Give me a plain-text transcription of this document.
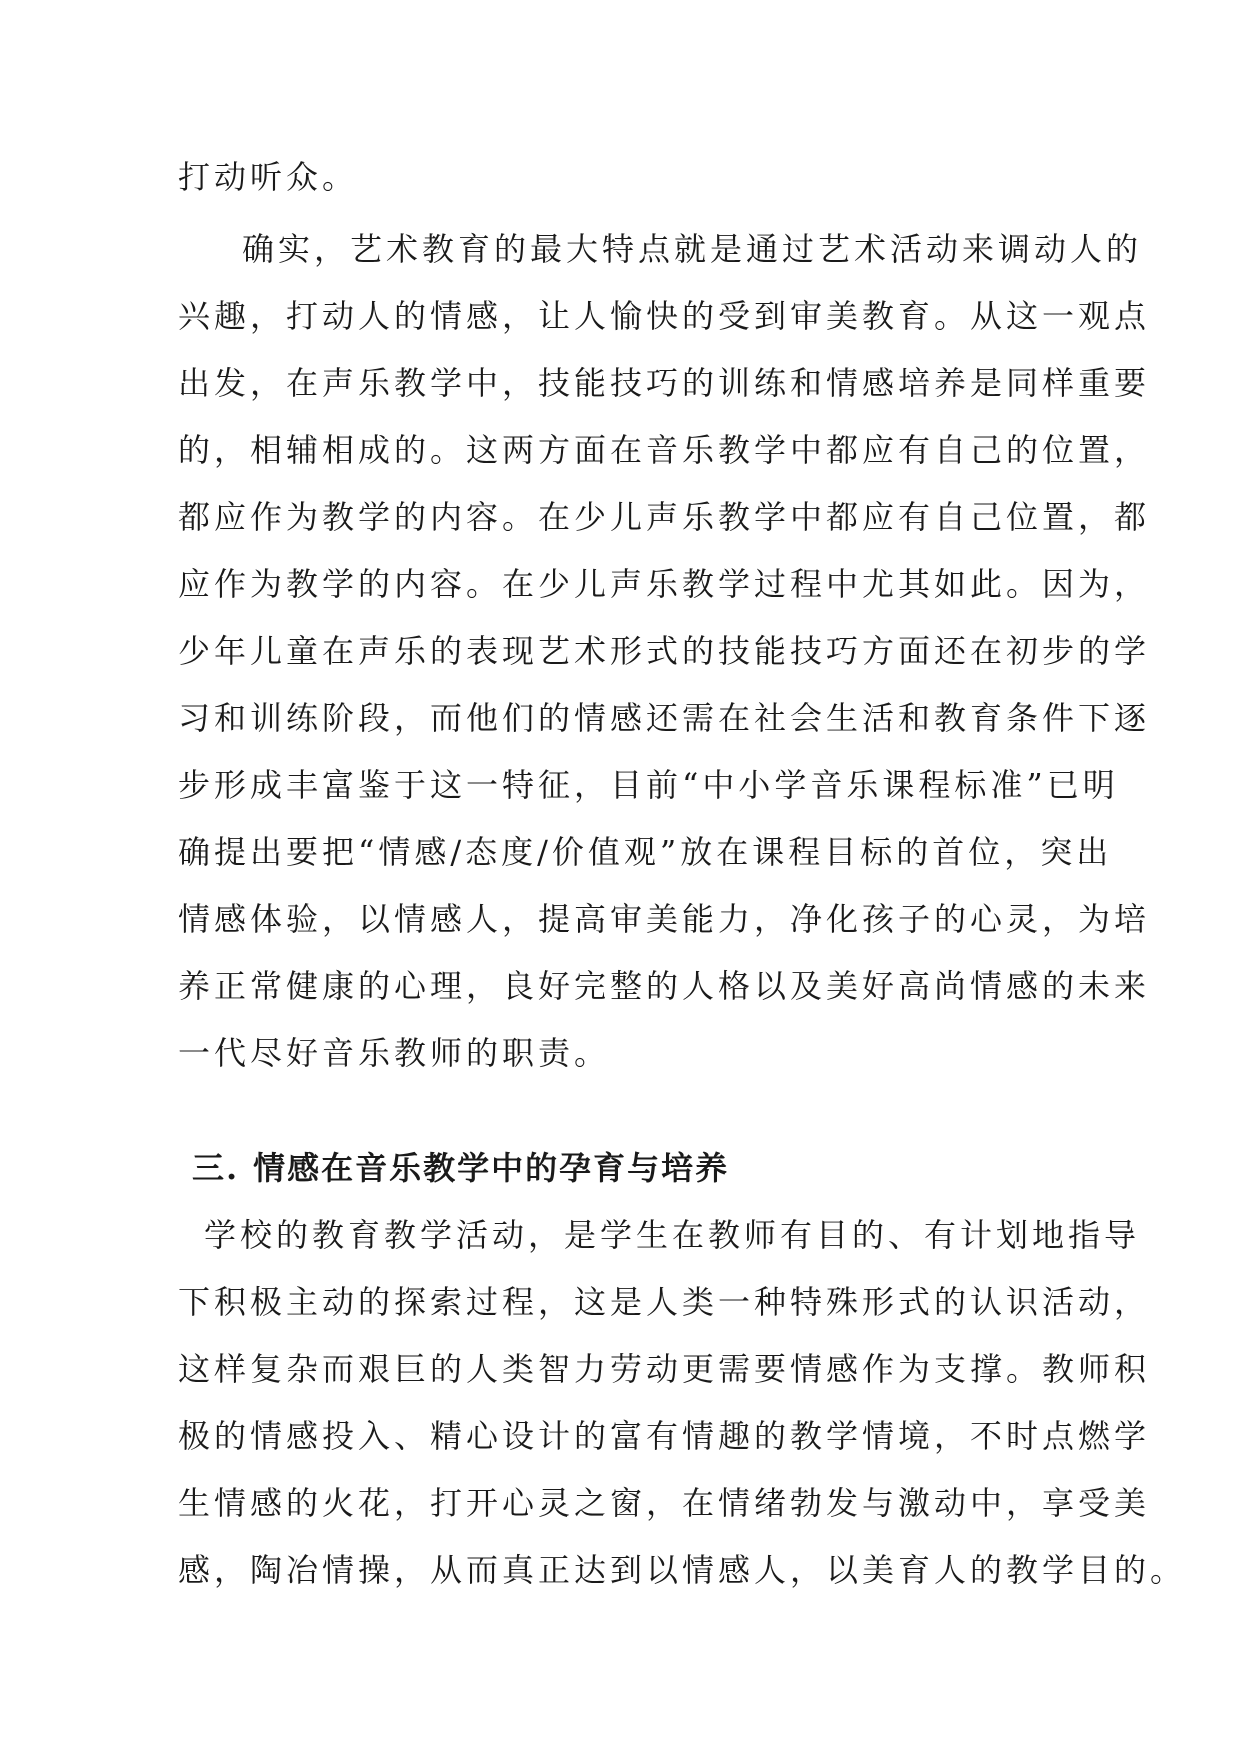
打动听众。
确实，艺术教育的最大特点就是通过艺术活动来调动人的
兴趣，打动人的情感，让人愉快的受到审美教育。从这一观点
出发，在声乐教学中，技能技巧的训练和情感培养是同样重要
的，相辅相成的。这两方面在音乐教学中都应有自己的位置，
都应作为教学的内容。在少儿声乐教学中都应有自己位置，都
应作为教学的内容。在少儿声乐教学过程中尤其如此。因为，
少年儿童在声乐的表现艺术形式的技能技巧方面还在初步的学
习和训练阶段，而他们的情感还需在社会生活和教育条件下逐
步形成丰富鉴于这一特征，目前“中小学音乐课程标准”已明
确提出要把“情感/态度/价值观”放在课程目标的首位，突出
情感体验，以情感人，提高审美能力，净化孩子的心灵，为培
养正常健康的心理，良好完整的人格以及美好高尚情感的未来
一代尽好音乐教师的职责。
三. 情感在音乐教学中的孕育与培养
学校的教育教学活动，是学生在教师有目的、有计划地指导
下积极主动的探索过程，这是人类一种特殊形式的认识活动，
这样复杂而艰巨的人类智力劳动更需要情感作为支撑。教师积
极的情感投入、精心设计的富有情趣的教学情境，不时点燃学
生情感的火花，打开心灵之窗，在情绪勃发与激动中，享受美
感，陶冶情操，从而真正达到以情感人，以美育人的教学目的。
